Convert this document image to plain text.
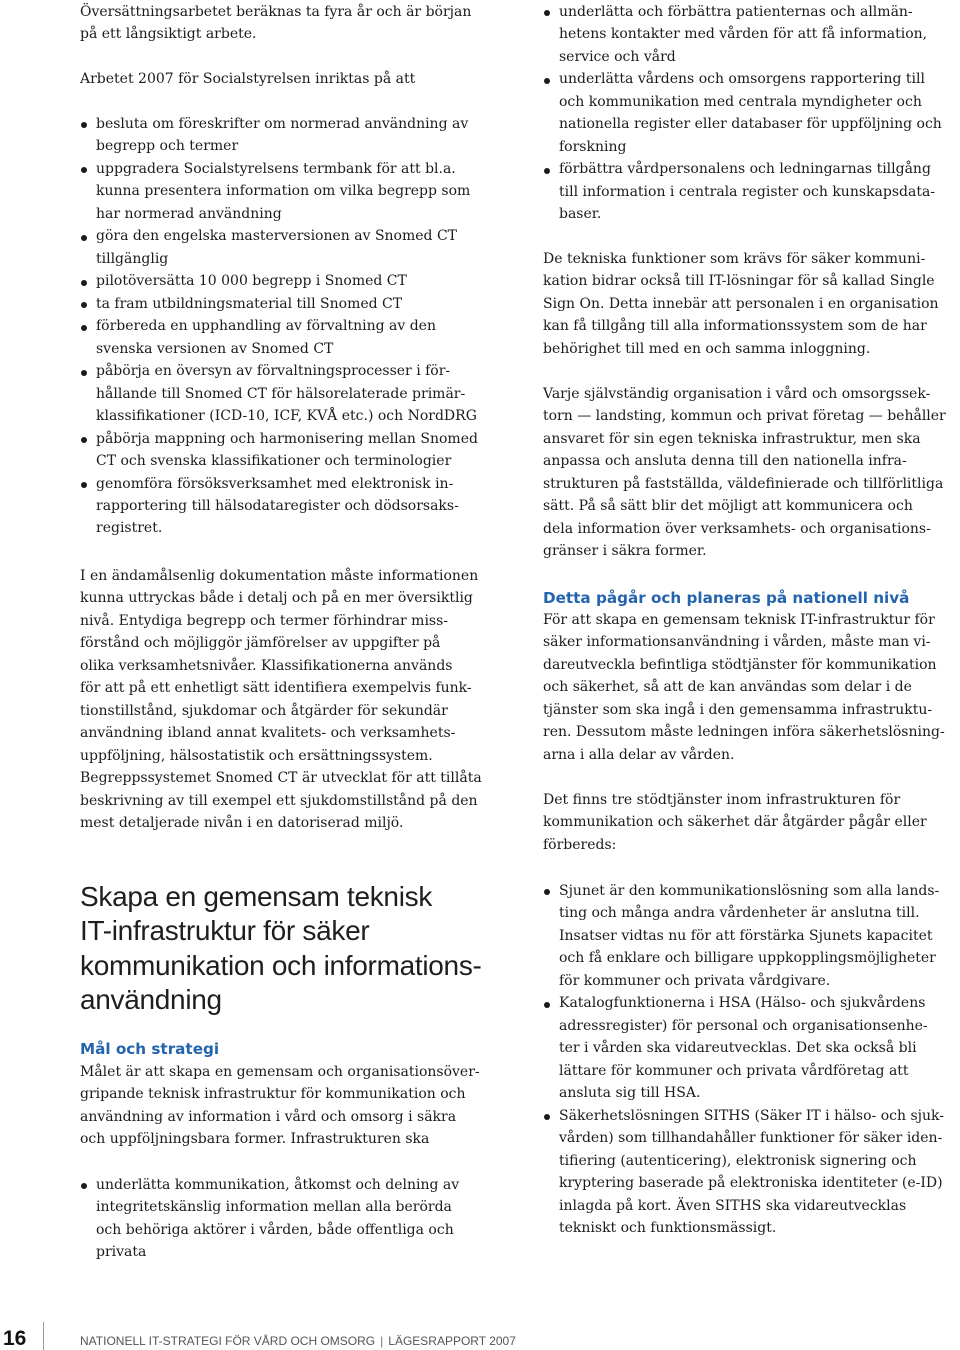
Översättningsarbetet beräknas ta fyra år och är början
på ett långsiktigt arbete.
Arbetet 2007 för Socialstyrelsen inriktas på att
besluta om föreskrifter om normerad användning av
begrepp och termer
uppgradera Socialstyrelsens termbank för att bl.a.
kunna presentera information om vilka begrepp som
har normerad användning
göra den engelska masterversionen av Snomed CT
tillgänglig
pilotöversätta 10 000 begrepp i Snomed CT
ta fram utbildningsmaterial till Snomed CT
förbereda en upphandling av förvaltning av den
svenska versionen av Snomed CT
påbörja en översyn av förvaltningsprocesser i för-
hållande till Snomed CT för hälsorelaterade primär-
klassifikationer (ICD-10, ICF, KVÅ etc.) och NordDRG
påbörja mappning och harmonisering mellan Snomed
CT och svenska klassifikationer och terminologier
genomföra försöksverksamhet med elektronisk in-
rapportering till hälsodataregister och dödsorsaks-
registret.
I en ändamålsenlig dokumentation måste informationen
kunna uttryckas både i detalj och på en mer översiktlig
nivå. Entydiga begrepp och termer förhindrar miss-
förstånd och möjliggör jämförelser av uppgifter på
olika verksamhetsnivåer. Klassifikationerna används
för att på ett enhetligt sätt identifiera exempelvis funk-
tionstillstånd, sjukdomar och åtgärder för sekundär
användning ibland annat kvalitets- och verksamhets-
uppföljning, hälsostatistik och ersättningssystem.
Begreppssystemet Snomed CT är utvecklat för att tillåta
beskrivning av till exempel ett sjukdomstillstånd på den
mest detaljerade nivån i en datoriserad miljö.
Skapa en gemensam teknisk
IT-infrastruktur för säker
kommunikation och informations-
användning
Mål och strategi
Målet är att skapa en gemensam och organisationsöver-
gripande teknisk infrastruktur för kommunikation och
användning av information i vård och omsorg i säkra
och uppföljningsbara former. Infrastrukturen ska
underlätta kommunikation, åtkomst och delning av
integritetskänslig information mellan alla berörda
och behöriga aktörer i vården, både offentliga och
privata
underlätta och förbättra patienternas och allmän-
hetens kontakter med vården för att få information,
service och vård
underlätta vårdens och omsorgens rapportering till
och kommunikation med centrala myndigheter och
nationella register eller databaser för uppföljning och
forskning
förbättra vårdpersonalens och ledningarnas tillgång
till information i centrala register och kunskapsdata-
baser.
De tekniska funktioner som krävs för säker kommuni-
kation bidrar också till IT-lösningar för så kallad Single
Sign On. Detta innebär att personalen i en organisation
kan få tillgång till alla informationssystem som de har
behörighet till med en och samma inloggning.
Varje självständig organisation i vård och omsorgssek-
torn — landsting, kommun och privat företag — behåller
ansvaret för sin egen tekniska infrastruktur, men ska
anpassa och ansluta denna till den nationella infra-
strukturen på fastställda, väldefinierade och tillförlitliga
sätt. På så sätt blir det möjligt att kommunicera och
dela information över verksamhets- och organisations-
gränser i säkra former.
Detta pågår och planeras på nationell nivå
För att skapa en gemensam teknisk IT-infrastruktur för
säker informationsanvändning i vården, måste man vi-
dareutveckla befintliga stödtjänster för kommunikation
och säkerhet, så att de kan användas som delar i de
tjänster som ska ingå i den gemensamma infrastruktu-
ren. Dessutom måste ledningen införa säkerhetslösning-
arna i alla delar av vården.
Det finns tre stödtjänster inom infrastrukturen för
kommunikation och säkerhet där åtgärder pågår eller
förbereds:
Sjunet är den kommunikationslösning som alla lands-
ting och många andra vårdenheter är anslutna till.
Insatser vidtas nu för att förstärka Sjunets kapacitet
och få enklare och billigare uppkopplingsmöjligheter
för kommuner och privata vårdgivare.
Katalogfunktionerna i HSA (Hälso- och sjukvårdens
adressregister) för personal och organisationsenhe-
ter i vården ska vidareutvecklas. Det ska också bli
lättare för kommuner och privata vårdföretag att
ansluta sig till HSA.
Säkerhetslösningen SITHS (Säker IT i hälso- och sjuk-
vården) som tillhandahåller funktioner för säker iden-
tifiering (autenticering), elektronisk signering och
kryptering baserade på elektroniska identiteter (e-ID)
inlagda på kort. Även SITHS ska vidareutvecklas
tekniskt och funktionsmässigt.
16	NATIONELL IT-STRATEGI FÖR VÅRD OCH OMSORG | LÄGESRAPPORT 2007
